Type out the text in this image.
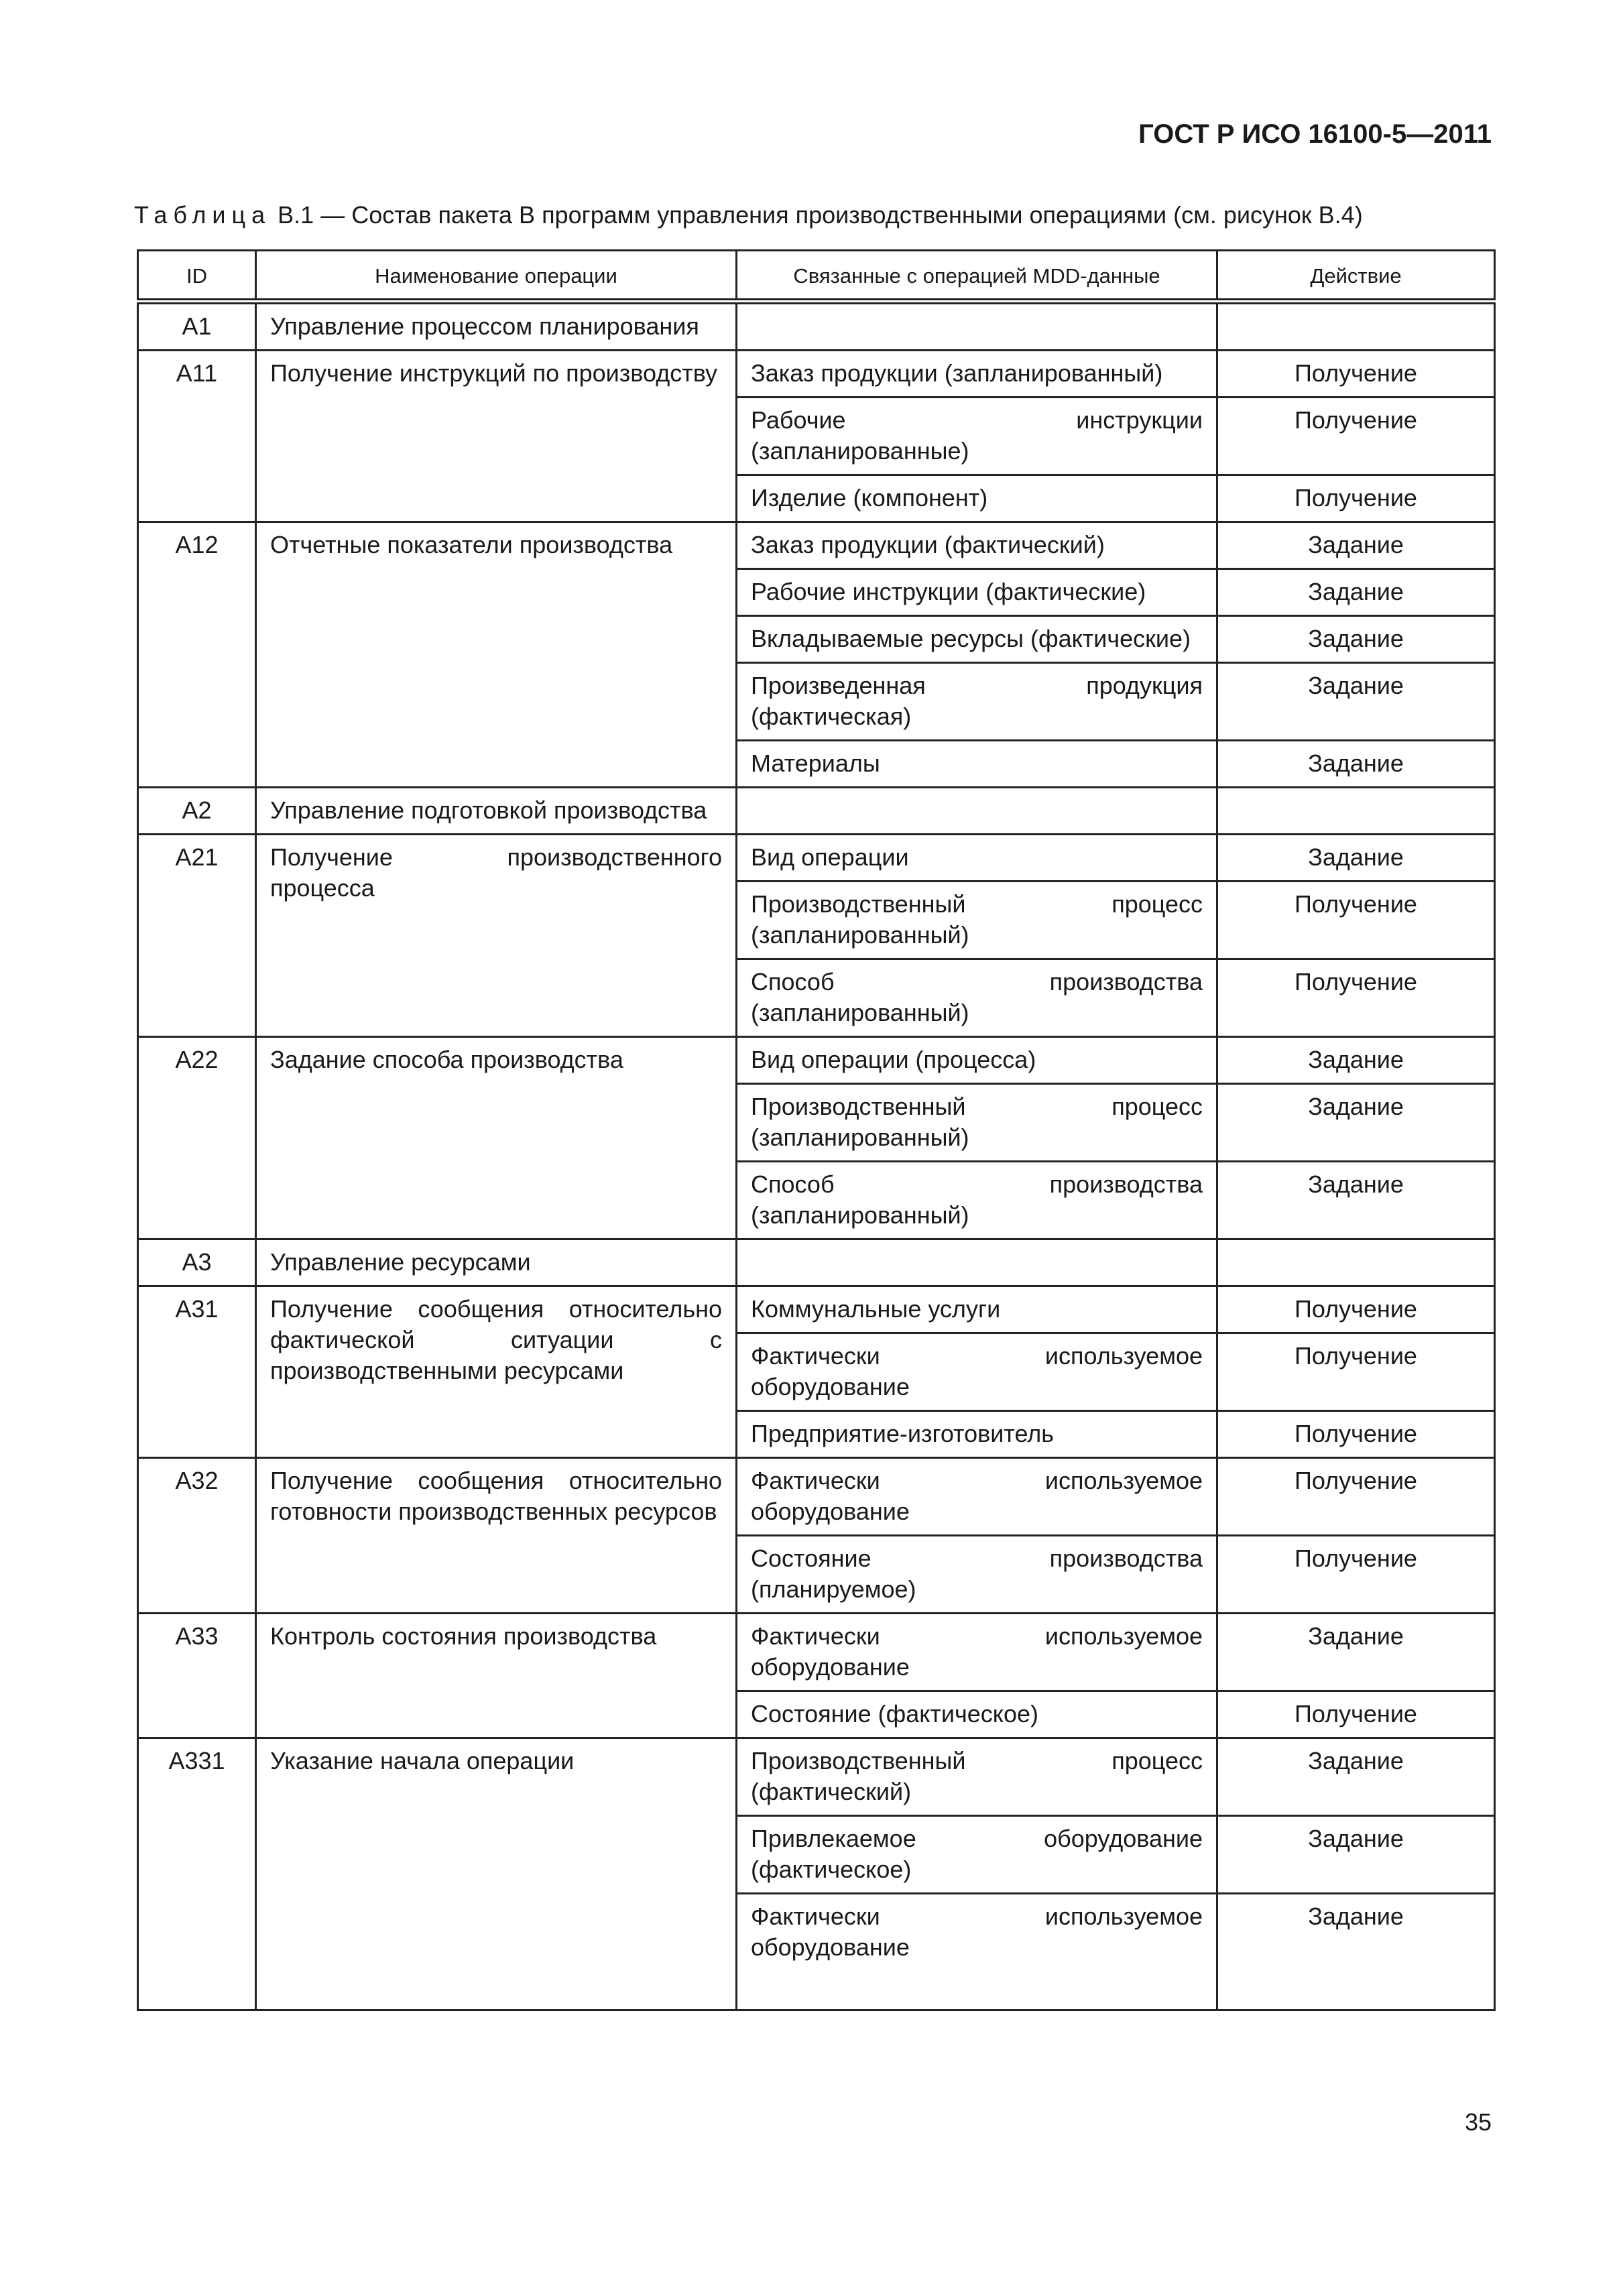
ГОСТ Р ИСО 16100-5—2011
Таблица В.1 — Состав пакета В программ управления производственными операциями (см. рисунок В.4)
ID	Наименование операции	Связанные с операцией MDD-данные	Действие
A1	Управление процессом планирования		
A11	Получение инструкций по производству	Заказ продукции (запланированный)	Получение
		Рабочие инструкции (запланированные)	Получение
		Изделие (компонент)	Получение
A12	Отчетные показатели производства	Заказ продукции (фактический)	Задание
		Рабочие инструкции (фактические)	Задание
		Вкладываемые ресурсы (фактические)	Задание
		Произведенная продукция (фактическая)	Задание
		Материалы	Задание
A2	Управление подготовкой производства		
A21	Получение производственного процесса	Вид операции	Задание
		Производственный процесс (запланированный)	Получение
		Способ производства (запланированный)	Получение
A22	Задание способа производства	Вид операции (процесса)	Задание
		Производственный процесс (запланированный)	Задание
		Способ производства (запланированный)	Задание
A3	Управление ресурсами		
A31	Получение сообщения относительно фактической ситуации с производственными ресурсами	Коммунальные услуги	Получение
		Фактически используемое оборудование	Получение
		Предприятие-изготовитель	Получение
A32	Получение сообщения относительно готовности производственных ресурсов	Фактически используемое оборудование	Получение
		Состояние производства (планируемое)	Получение
A33	Контроль состояния производства	Фактически используемое оборудование	Задание
		Состояние (фактическое)	Получение
A331	Указание начала операции	Производственный процесс (фактический)	Задание
		Привлекаемое оборудование (фактическое)	Задание
		Фактически используемое оборудование	Задание
35
